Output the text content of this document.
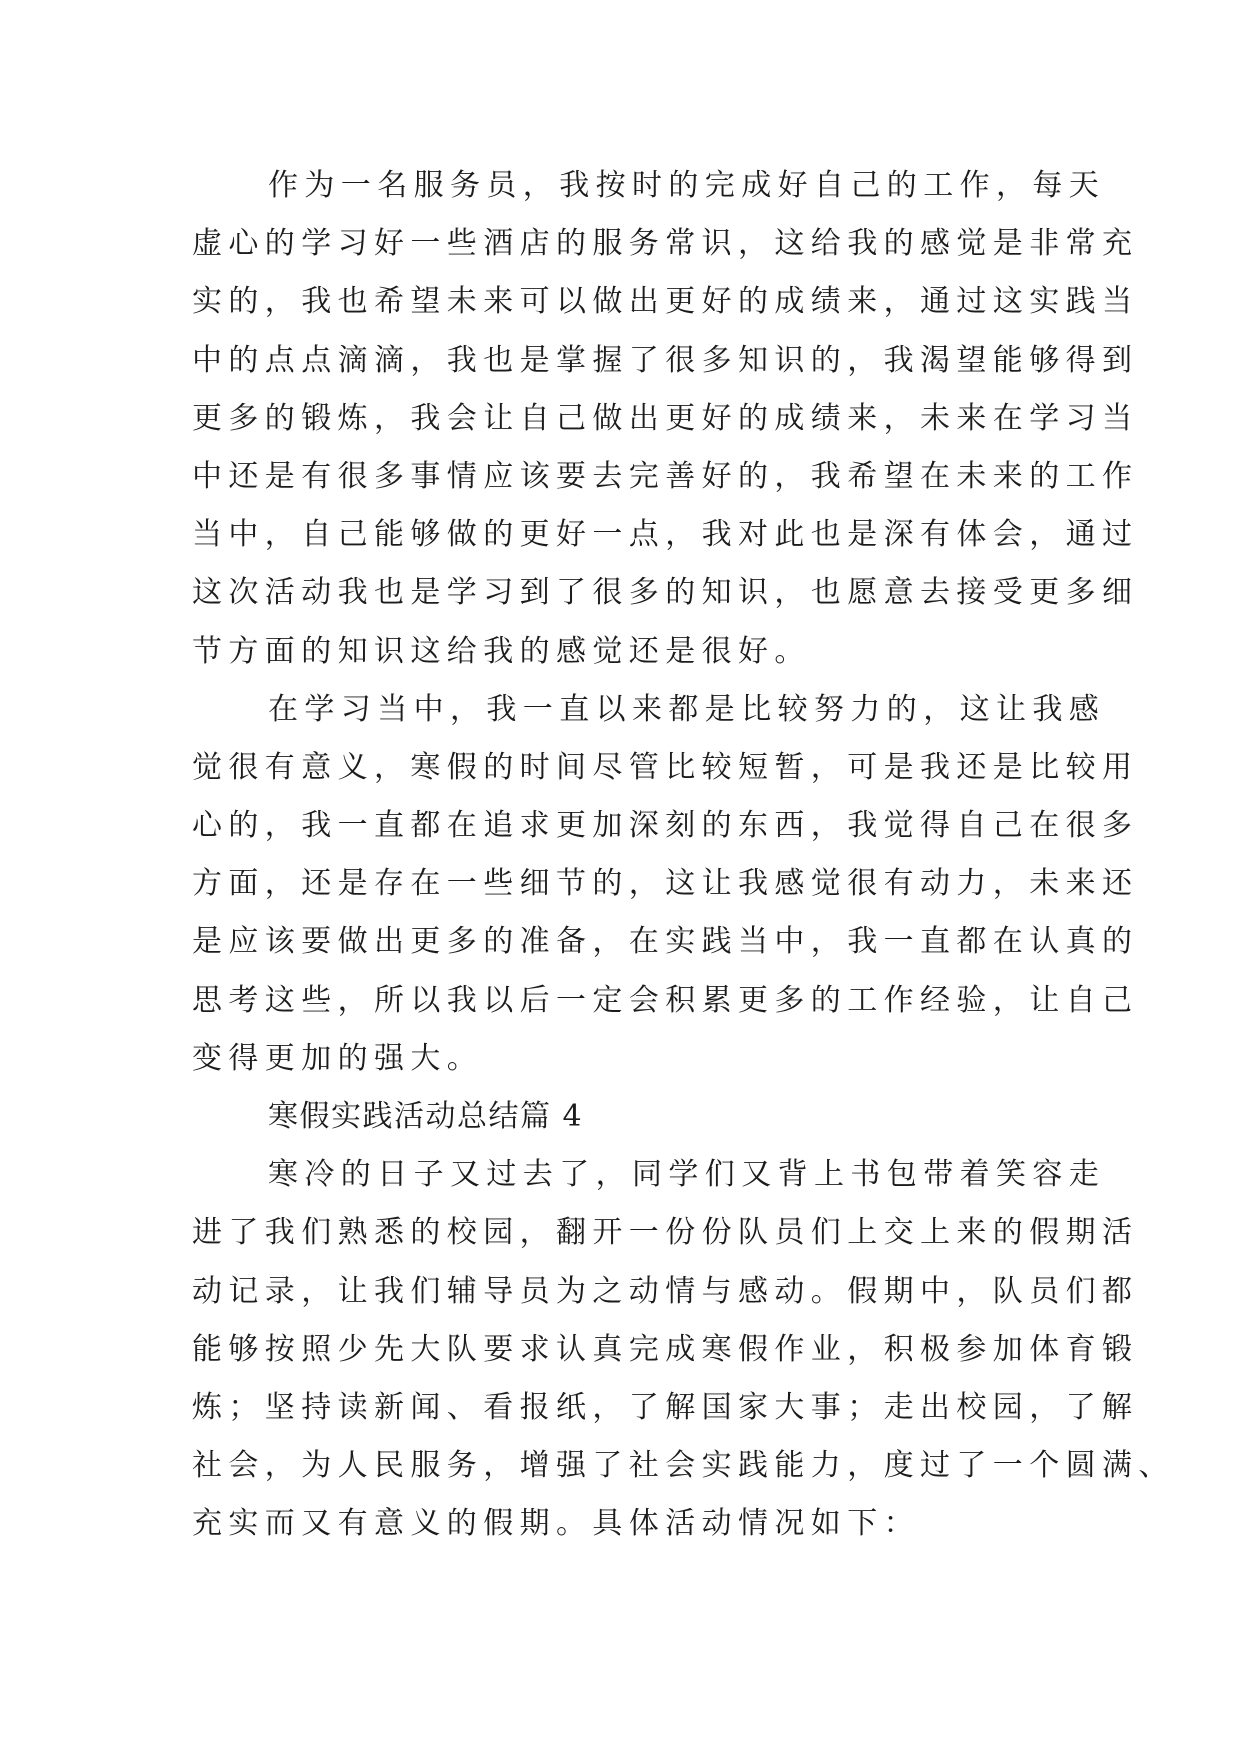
作为一名服务员，我按时的完成好自己的工作，每天
虚心的学习好一些酒店的服务常识，这给我的感觉是非常充
实的，我也希望未来可以做出更好的成绩来，通过这实践当
中的点点滴滴，我也是掌握了很多知识的，我渴望能够得到
更多的锻炼，我会让自己做出更好的成绩来，未来在学习当
中还是有很多事情应该要去完善好的，我希望在未来的工作
当中，自己能够做的更好一点，我对此也是深有体会，通过
这次活动我也是学习到了很多的知识，也愿意去接受更多细
节方面的知识这给我的感觉还是很好。
在学习当中，我一直以来都是比较努力的，这让我感
觉很有意义，寒假的时间尽管比较短暂，可是我还是比较用
心的，我一直都在追求更加深刻的东西，我觉得自己在很多
方面，还是存在一些细节的，这让我感觉很有动力，未来还
是应该要做出更多的准备，在实践当中，我一直都在认真的
思考这些，所以我以后一定会积累更多的工作经验，让自己
变得更加的强大。
寒假实践活动总结篇 4
寒冷的日子又过去了，同学们又背上书包带着笑容走
进了我们熟悉的校园，翻开一份份队员们上交上来的假期活
动记录，让我们辅导员为之动情与感动。假期中，队员们都
能够按照少先大队要求认真完成寒假作业，积极参加体育锻
炼；坚持读新闻、看报纸，了解国家大事；走出校园，了解
社会，为人民服务，增强了社会实践能力，度过了一个圆满、
充实而又有意义的假期。具体活动情况如下：
